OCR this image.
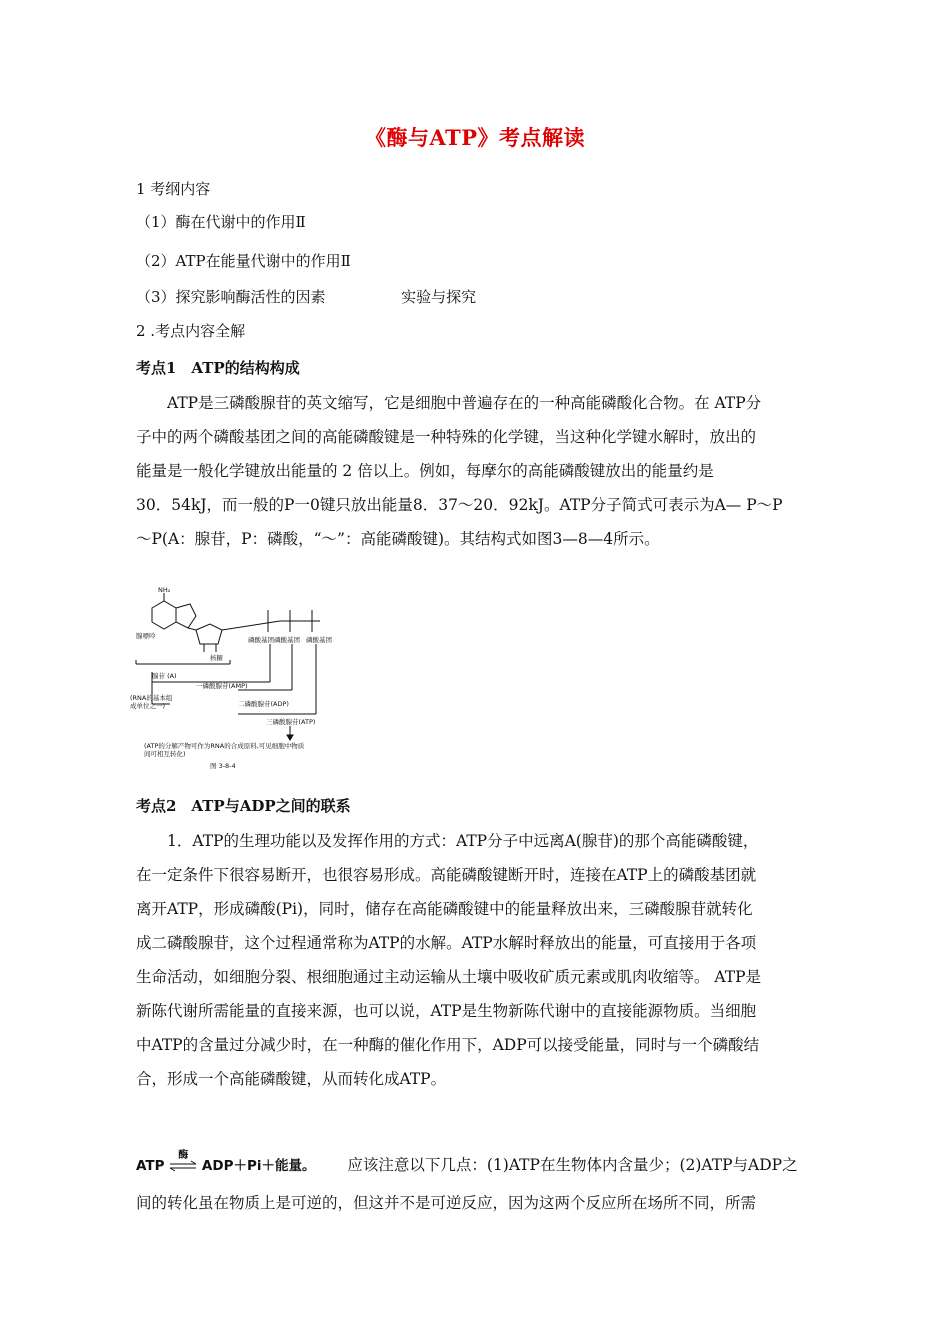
《酶与ATP》考点解读
1 考纲内容
（1）酶在代谢中的作用Ⅱ
（2）ATP在能量代谢中的作用Ⅱ
（3）探究影响酶活性的因素	实验与探究
2 .考点内容全解
考点1　ATP的结构构成

ATP是三磷酸腺苷的英文缩写，它是细胞中普遍存在的一种高能磷酸化合物。在 ATP分

子中的两个磷酸基团之间的高能磷酸键是一种特殊的化学键，当这种化学键水解时，放出的

能量是一般化学键放出能量的 2 倍以上。例如，每摩尔的高能磷酸键放出的能量约是

30．54kJ，而一般的P一0键只放出能量8．37～20．92kJ。ATP分子简式可表示为A— P～P

～P(A：腺苷，P：磷酸，“～”：高能磷酸键)。其结构式如图3—8—4所示。

NH₂
腺嘌呤
核糖
磷酸基团 磷酸基团 磷酸基团
腺苷 (A)
一磷酸腺苷(AMP)
(RNA的基本组
成单位之一)	二磷酸腺苷(ADP)
三磷酸腺苷(ATP)
(ATP的分解产物可作为RNA的合成原料,可见细胞中物质
间可相互转化)
图 3-8-4
考点2　ATP与ADP之间的联系

1．ATP的生理功能以及发挥作用的方式：ATP分子中远离A(腺苷)的那个高能磷酸键，

在一定条件下很容易断开，也很容易形成。高能磷酸键断开时，连接在ATP上的磷酸基团就

离开ATP，形成磷酸(Pi)，同时，储存在高能磷酸键中的能量释放出来，三磷酸腺苷就转化

成二磷酸腺苷，这个过程通常称为ATP的水解。ATP水解时释放出的能量，可直接用于各项

生命活动，如细胞分裂、根细胞通过主动运输从土壤中吸收矿质元素或肌肉收缩等。 ATP是

新陈代谢所需能量的直接来源，也可以说，ATP是生物新陈代谢中的直接能源物质。当细胞

中ATP的含量过分减少时，在一种酶的催化作用下，ADP可以接受能量，同时与一个磷酸结

合，形成一个高能磷酸键，从而转化成ATP。

ATP
酶
ADP＋Pi＋能量。 应该注意以下几点：(1)ATP在生物体内含量少；(2)ATP与ADP之
间的转化虽在物质上是可逆的，但这并不是可逆反应，因为这两个反应所在场所不同，所需
